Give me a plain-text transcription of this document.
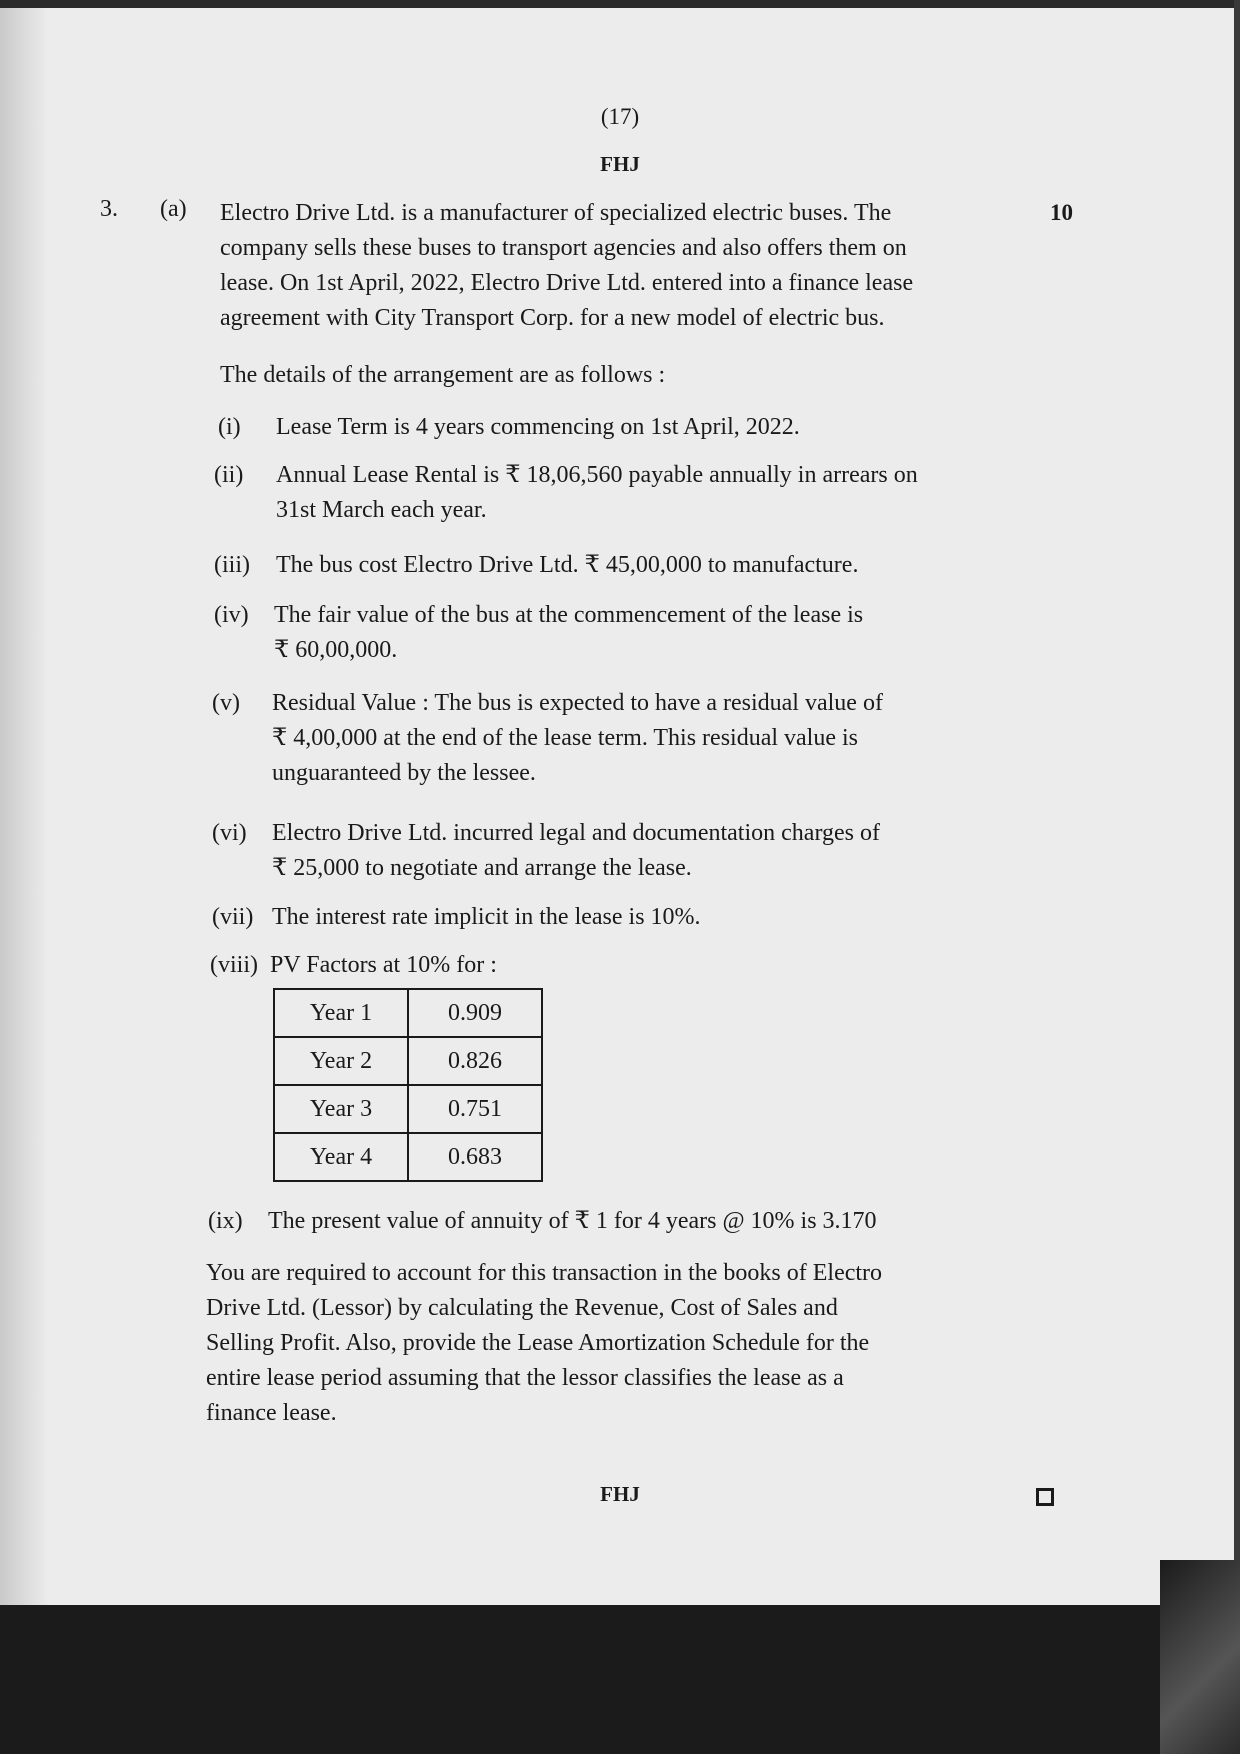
(17)
FHJ
3. (a)	10
Electro Drive Ltd. is a manufacturer of specialized electric buses. The
company sells these buses to transport agencies and also offers them on
lease. On 1st April, 2022, Electro Drive Ltd. entered into a finance lease
agreement with City Transport Corp. for a new model of electric bus.
The details of the arrangement are as follows :
(i) Lease Term is 4 years commencing on 1st April, 2022.
(ii) Annual Lease Rental is ₹ 18,06,560 payable annually in arrears on
31st March each year.
(iii) The bus cost Electro Drive Ltd. ₹ 45,00,000 to manufacture.
(iv) The fair value of the bus at the commencement of the lease is
₹ 60,00,000.
(v) Residual Value : The bus is expected to have a residual value of
₹ 4,00,000 at the end of the lease term. This residual value is
unguaranteed by the lessee.
(vi) Electro Drive Ltd. incurred legal and documentation charges of
₹ 25,000 to negotiate and arrange the lease.
(vii) The interest rate implicit in the lease is 10%.
(viii) PV Factors at 10% for :
Year 1	0.909
Year 2	0.826
Year 3	0.751
Year 4	0.683
(ix) The present value of annuity of ₹ 1 for 4 years @ 10% is 3.170
You are required to account for this transaction in the books of Electro
Drive Ltd. (Lessor) by calculating the Revenue, Cost of Sales and
Selling Profit. Also, provide the Lease Amortization Schedule for the
entire lease period assuming that the lessor classifies the lease as a
finance lease.
FHJ
